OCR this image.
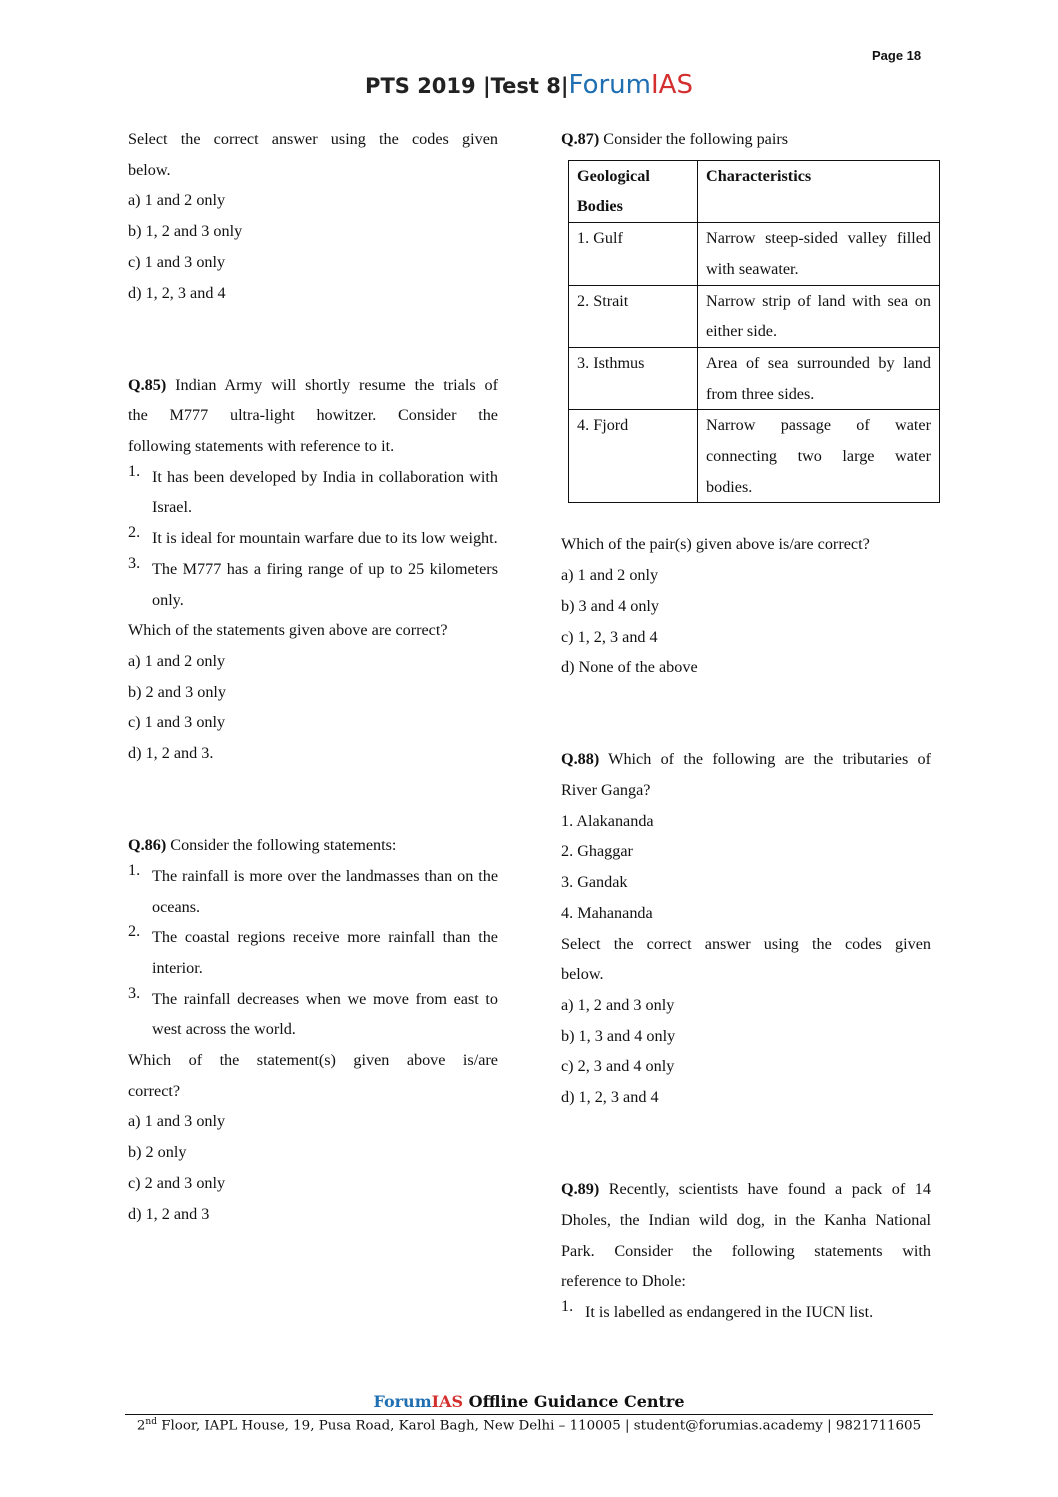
Page 18
PTS 2019 |Test 8|ForumIAS
Select the correct answer using the codes given
below.
a) 1 and 2 only
b) 1, 2 and 3 only
c) 1 and 3 only
d) 1, 2, 3 and 4
Q.85) Indian Army will shortly resume the trials of
the M777 ultra-light howitzer. Consider the
following statements with reference to it.
1. It has been developed by India in collaboration with Israel.
2. It is ideal for mountain warfare due to its low weight.
3. The M777 has a firing range of up to 25 kilometers only.
Which of the statements given above are correct?
a) 1 and 2 only
b) 2 and 3 only
c) 1 and 3 only
d) 1, 2 and 3.
Q.86) Consider the following statements:
1. The rainfall is more over the landmasses than on the oceans.
2. The coastal regions receive more rainfall than the interior.
3. The rainfall decreases when we move from east to west across the world.
Which of the statement(s) given above is/are
correct?
a) 1 and 3 only
b) 2 only
c) 2 and 3 only
d) 1, 2 and 3
Q.87) Consider the following pairs
Geological Bodies	Characteristics
1. Gulf	Narrow steep-sided valley filled with seawater.
2. Strait	Narrow strip of land with sea on either side.
3. Isthmus	Area of sea surrounded by land from three sides.
4. Fjord	Narrow passage of water connecting two large water bodies.
Which of the pair(s) given above is/are correct?
a) 1 and 2 only
b) 3 and 4 only
c) 1, 2, 3 and 4
d) None of the above
Q.88) Which of the following are the tributaries of
River Ganga?
1. Alakananda
2. Ghaggar
3. Gandak
4. Mahananda
Select the correct answer using the codes given
below.
a) 1, 2 and 3 only
b) 1, 3 and 4 only
c) 2, 3 and 4 only
d) 1, 2, 3 and 4
Q.89) Recently, scientists have found a pack of 14
Dholes, the Indian wild dog, in the Kanha National
Park. Consider the following statements with
reference to Dhole:
1. It is labelled as endangered in the IUCN list.
ForumIAS Offline Guidance Centre
2nd Floor, IAPL House, 19, Pusa Road, Karol Bagh, New Delhi – 110005 | student@forumias.academy | 9821711605
